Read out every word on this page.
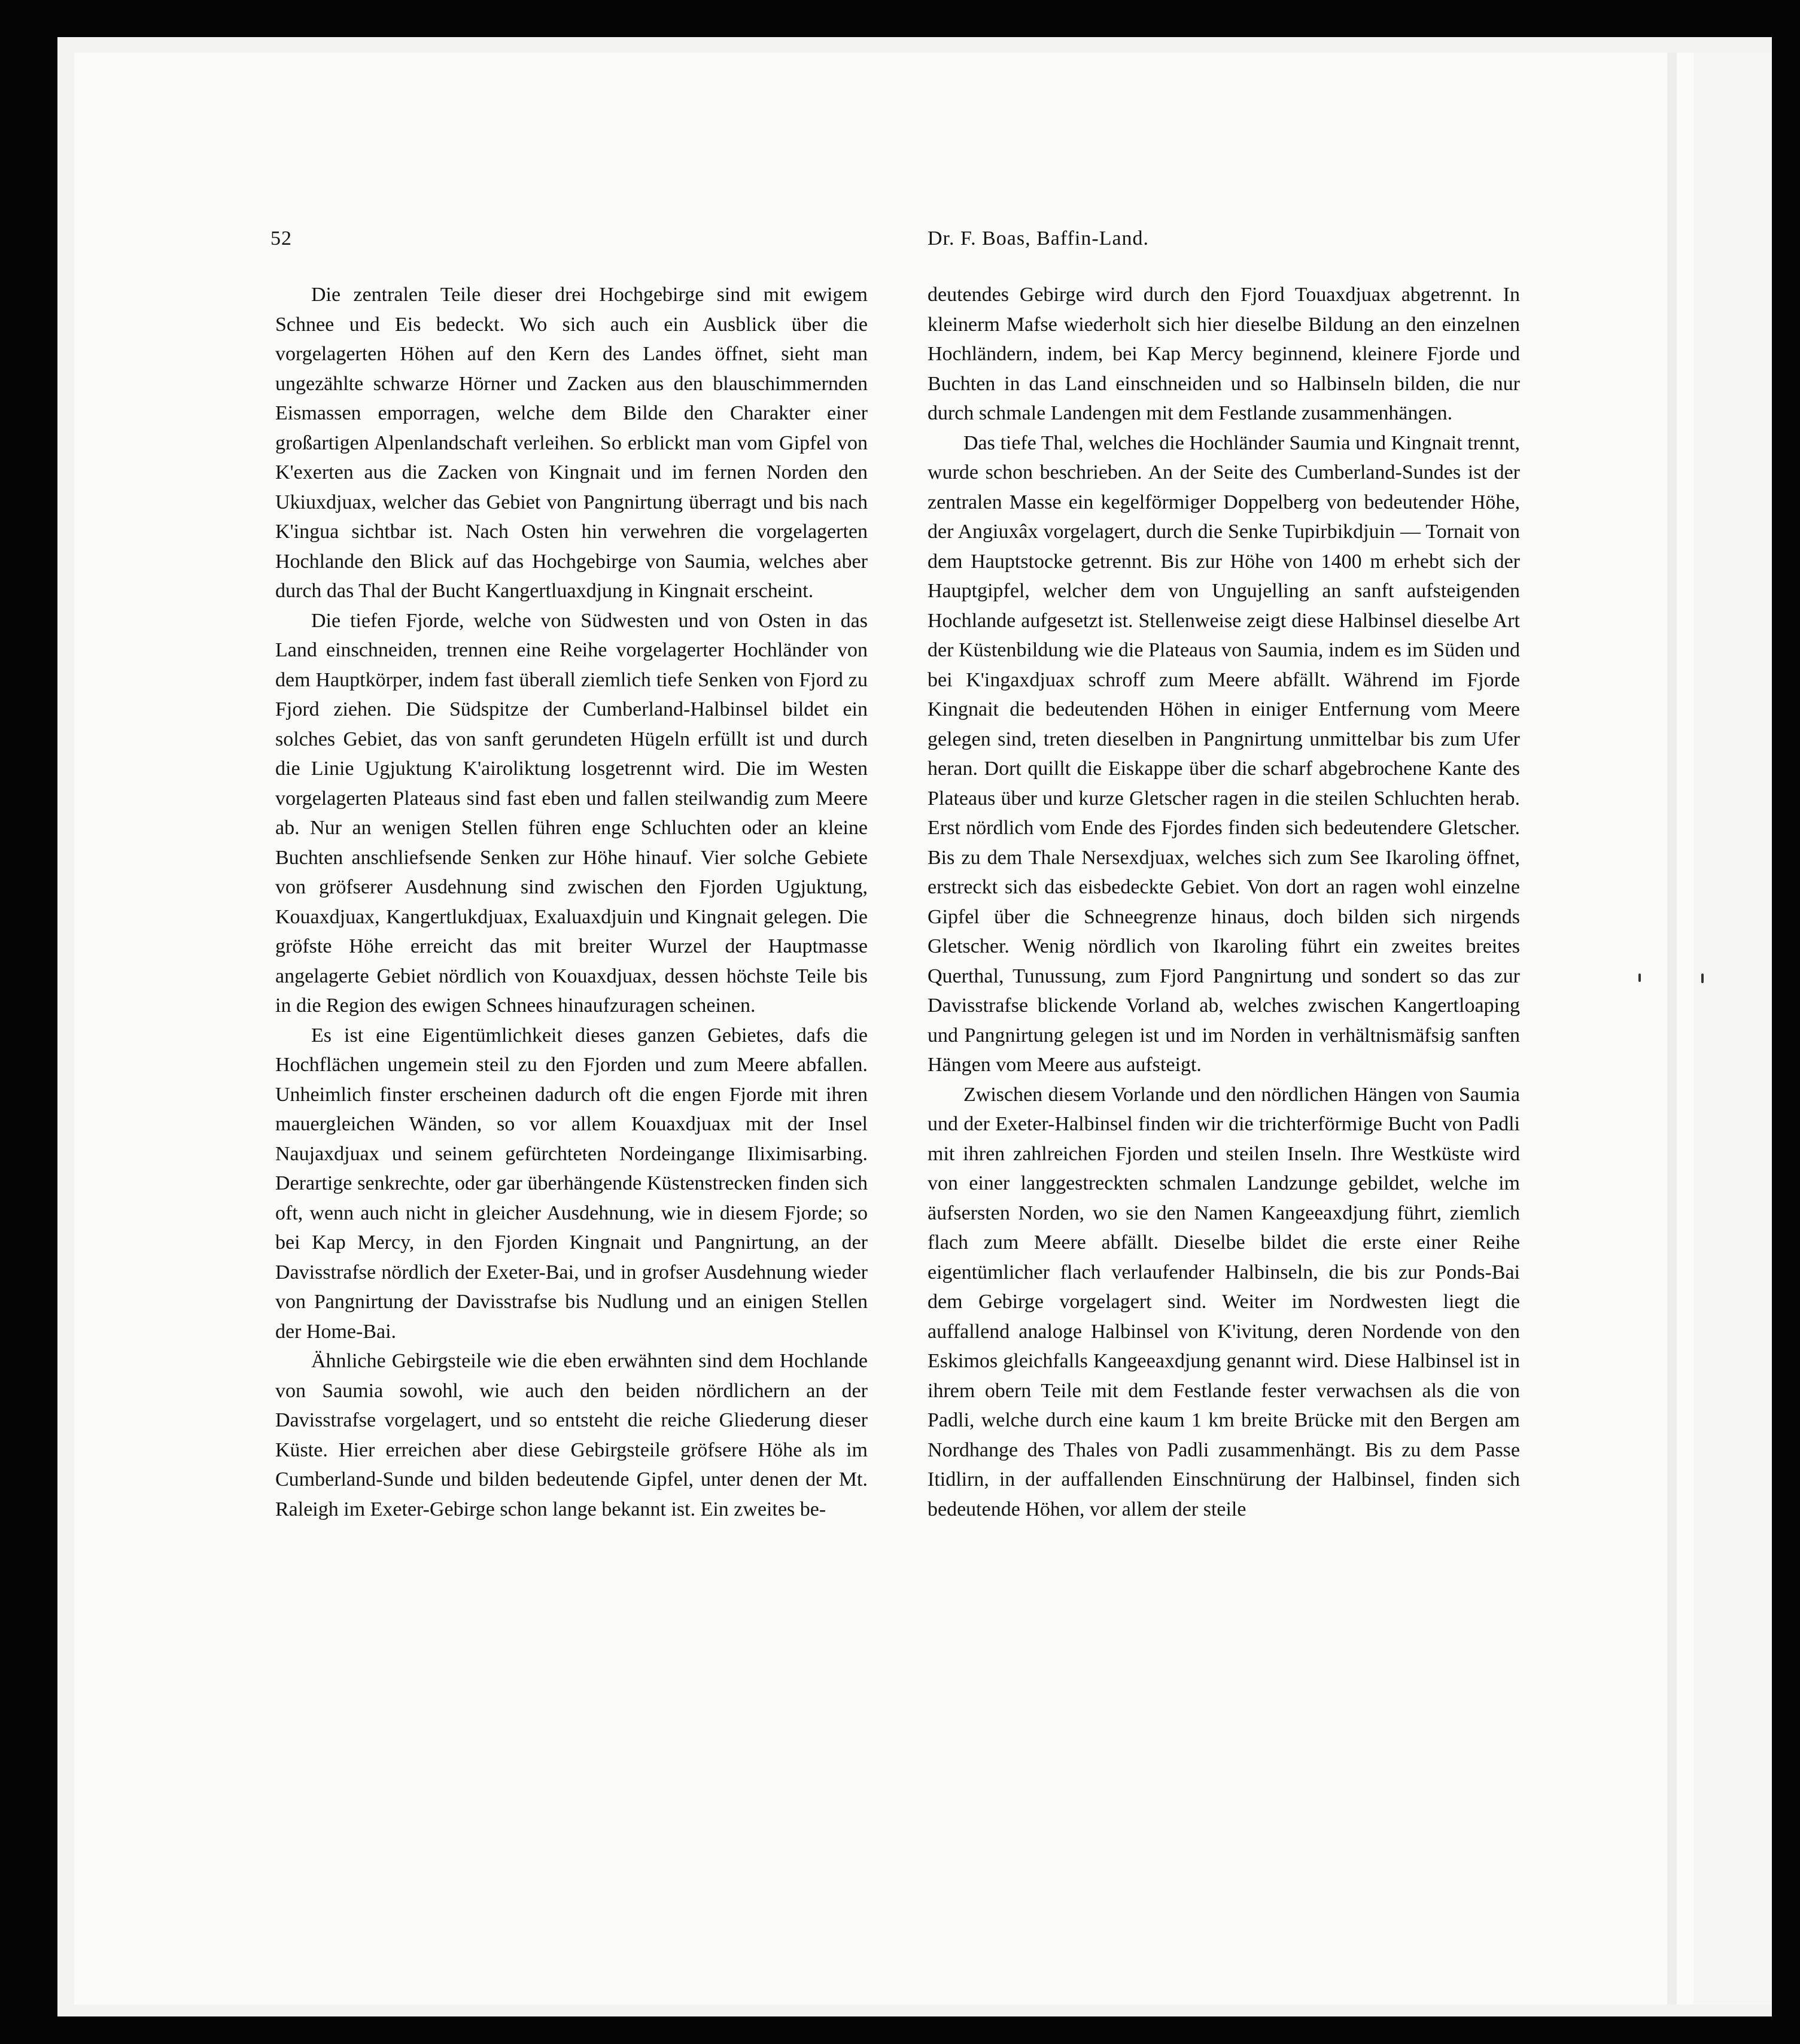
52	Dr. F. Boas, Baffin-Land.

Die zentralen Teile dieser drei Hochgebirge sind mit ewigem Schnee und Eis bedeckt. Wo sich auch ein Ausblick über die vorgelagerten Höhen auf den Kern des Landes öffnet, sieht man ungezählte schwarze Hörner und Zacken aus den blauschimmernden Eismassen emporragen, welche dem Bilde den Charakter einer großartigen Alpenlandschaft verleihen. So erblickt man vom Gipfel von K'exerten aus die Zacken von Kingnait und im fernen Norden den Ukiuxdjuax, welcher das Gebiet von Pangnirtung überragt und bis nach K'ingua sichtbar ist. Nach Osten hin verwehren die vorgelagerten Hochlande den Blick auf das Hochgebirge von Saumia, welches aber durch das Thal der Bucht Kangertluaxdjung in Kingnait erscheint.

Die tiefen Fjorde, welche von Südwesten und von Osten in das Land einschneiden, trennen eine Reihe vorgelagerter Hochländer von dem Hauptkörper, indem fast überall ziemlich tiefe Senken von Fjord zu Fjord ziehen. Die Südspitze der Cumberland-Halbinsel bildet ein solches Gebiet, das von sanft gerundeten Hügeln erfüllt ist und durch die Linie Ugjuktung K'airoliktung losgetrennt wird. Die im Westen vorgelagerten Plateaus sind fast eben und fallen steilwandig zum Meere ab. Nur an wenigen Stellen führen enge Schluchten oder an kleine Buchten anschliefsende Senken zur Höhe hinauf. Vier solche Gebiete von gröfserer Ausdehnung sind zwischen den Fjorden Ugjuktung, Kouaxdjuax, Kangertlukdjuax, Exaluaxdjuin und Kingnait gelegen. Die gröfste Höhe erreicht das mit breiter Wurzel der Hauptmasse angelagerte Gebiet nördlich von Kouaxdjuax, dessen höchste Teile bis in die Region des ewigen Schnees hinaufzuragen scheinen.

Es ist eine Eigentümlichkeit dieses ganzen Gebietes, dafs die Hochflächen ungemein steil zu den Fjorden und zum Meere abfallen. Unheimlich finster erscheinen dadurch oft die engen Fjorde mit ihren mauergleichen Wänden, so vor allem Kouaxdjuax mit der Insel Naujaxdjuax und seinem gefürchteten Nordeingange Iliximisarbing. Derartige senkrechte, oder gar überhängende Küstenstrecken finden sich oft, wenn auch nicht in gleicher Ausdehnung, wie in diesem Fjorde; so bei Kap Mercy, in den Fjorden Kingnait und Pangnirtung, an der Davisstrafse nördlich der Exeter-Bai, und in grofser Ausdehnung wieder von Pangnirtung der Davisstrafse bis Nudlung und an einigen Stellen der Home-Bai.

Ähnliche Gebirgsteile wie die eben erwähnten sind dem Hochlande von Saumia sowohl, wie auch den beiden nördlichern an der Davisstrafse vorgelagert, und so entsteht die reiche Gliederung dieser Küste. Hier erreichen aber diese Gebirgsteile gröfsere Höhe als im Cumberland-Sunde und bilden bedeutende Gipfel, unter denen der Mt. Raleigh im Exeter-Gebirge schon lange bekannt ist. Ein zweites be-

deutendes Gebirge wird durch den Fjord Touaxdjuax abgetrennt. In kleinerm Mafse wiederholt sich hier dieselbe Bildung an den einzelnen Hochländern, indem, bei Kap Mercy beginnend, kleinere Fjorde und Buchten in das Land einschneiden und so Halbinseln bilden, die nur durch schmale Landengen mit dem Festlande zusammenhängen.

Das tiefe Thal, welches die Hochländer Saumia und Kingnait trennt, wurde schon beschrieben. An der Seite des Cumberland-Sundes ist der zentralen Masse ein kegelförmiger Doppelberg von bedeutender Höhe, der Angiuxâx vorgelagert, durch die Senke Tupirbikdjuin — Tornait von dem Hauptstocke getrennt. Bis zur Höhe von 1400 m erhebt sich der Hauptgipfel, welcher dem von Ungujelling an sanft aufsteigenden Hochlande aufgesetzt ist. Stellenweise zeigt diese Halbinsel dieselbe Art der Küstenbildung wie die Plateaus von Saumia, indem es im Süden und bei K'ingaxdjuax schroff zum Meere abfällt. Während im Fjorde Kingnait die bedeutenden Höhen in einiger Entfernung vom Meere gelegen sind, treten dieselben in Pangnirtung unmittelbar bis zum Ufer heran. Dort quillt die Eiskappe über die scharf abgebrochene Kante des Plateaus über und kurze Gletscher ragen in die steilen Schluchten herab. Erst nördlich vom Ende des Fjordes finden sich bedeutendere Gletscher. Bis zu dem Thale Nersexdjuax, welches sich zum See Ikaroling öffnet, erstreckt sich das eisbedeckte Gebiet. Von dort an ragen wohl einzelne Gipfel über die Schneegrenze hinaus, doch bilden sich nirgends Gletscher. Wenig nördlich von Ikaroling führt ein zweites breites Querthal, Tunussung, zum Fjord Pangnirtung und sondert so das zur Davisstrafse blickende Vorland ab, welches zwischen Kangertloaping und Pangnirtung gelegen ist und im Norden in verhältnismäfsig sanften Hängen vom Meere aus aufsteigt.

Zwischen diesem Vorlande und den nördlichen Hängen von Saumia und der Exeter-Halbinsel finden wir die trichterförmige Bucht von Padli mit ihren zahlreichen Fjorden und steilen Inseln. Ihre Westküste wird von einer langgestreckten schmalen Landzunge gebildet, welche im äufsersten Norden, wo sie den Namen Kangeeaxdjung führt, ziemlich flach zum Meere abfällt. Dieselbe bildet die erste einer Reihe eigentümlicher flach verlaufender Halbinseln, die bis zur Ponds-Bai dem Gebirge vorgelagert sind. Weiter im Nordwesten liegt die auffallend analoge Halbinsel von K'ivitung, deren Nordende von den Eskimos gleichfalls Kangeeaxdjung genannt wird. Diese Halbinsel ist in ihrem obern Teile mit dem Festlande fester verwachsen als die von Padli, welche durch eine kaum 1 km breite Brücke mit den Bergen am Nordhange des Thales von Padli zusammenhängt. Bis zu dem Passe Itidlirn, in der auffallenden Einschnürung der Halbinsel, finden sich bedeutende Höhen, vor allem der steile
